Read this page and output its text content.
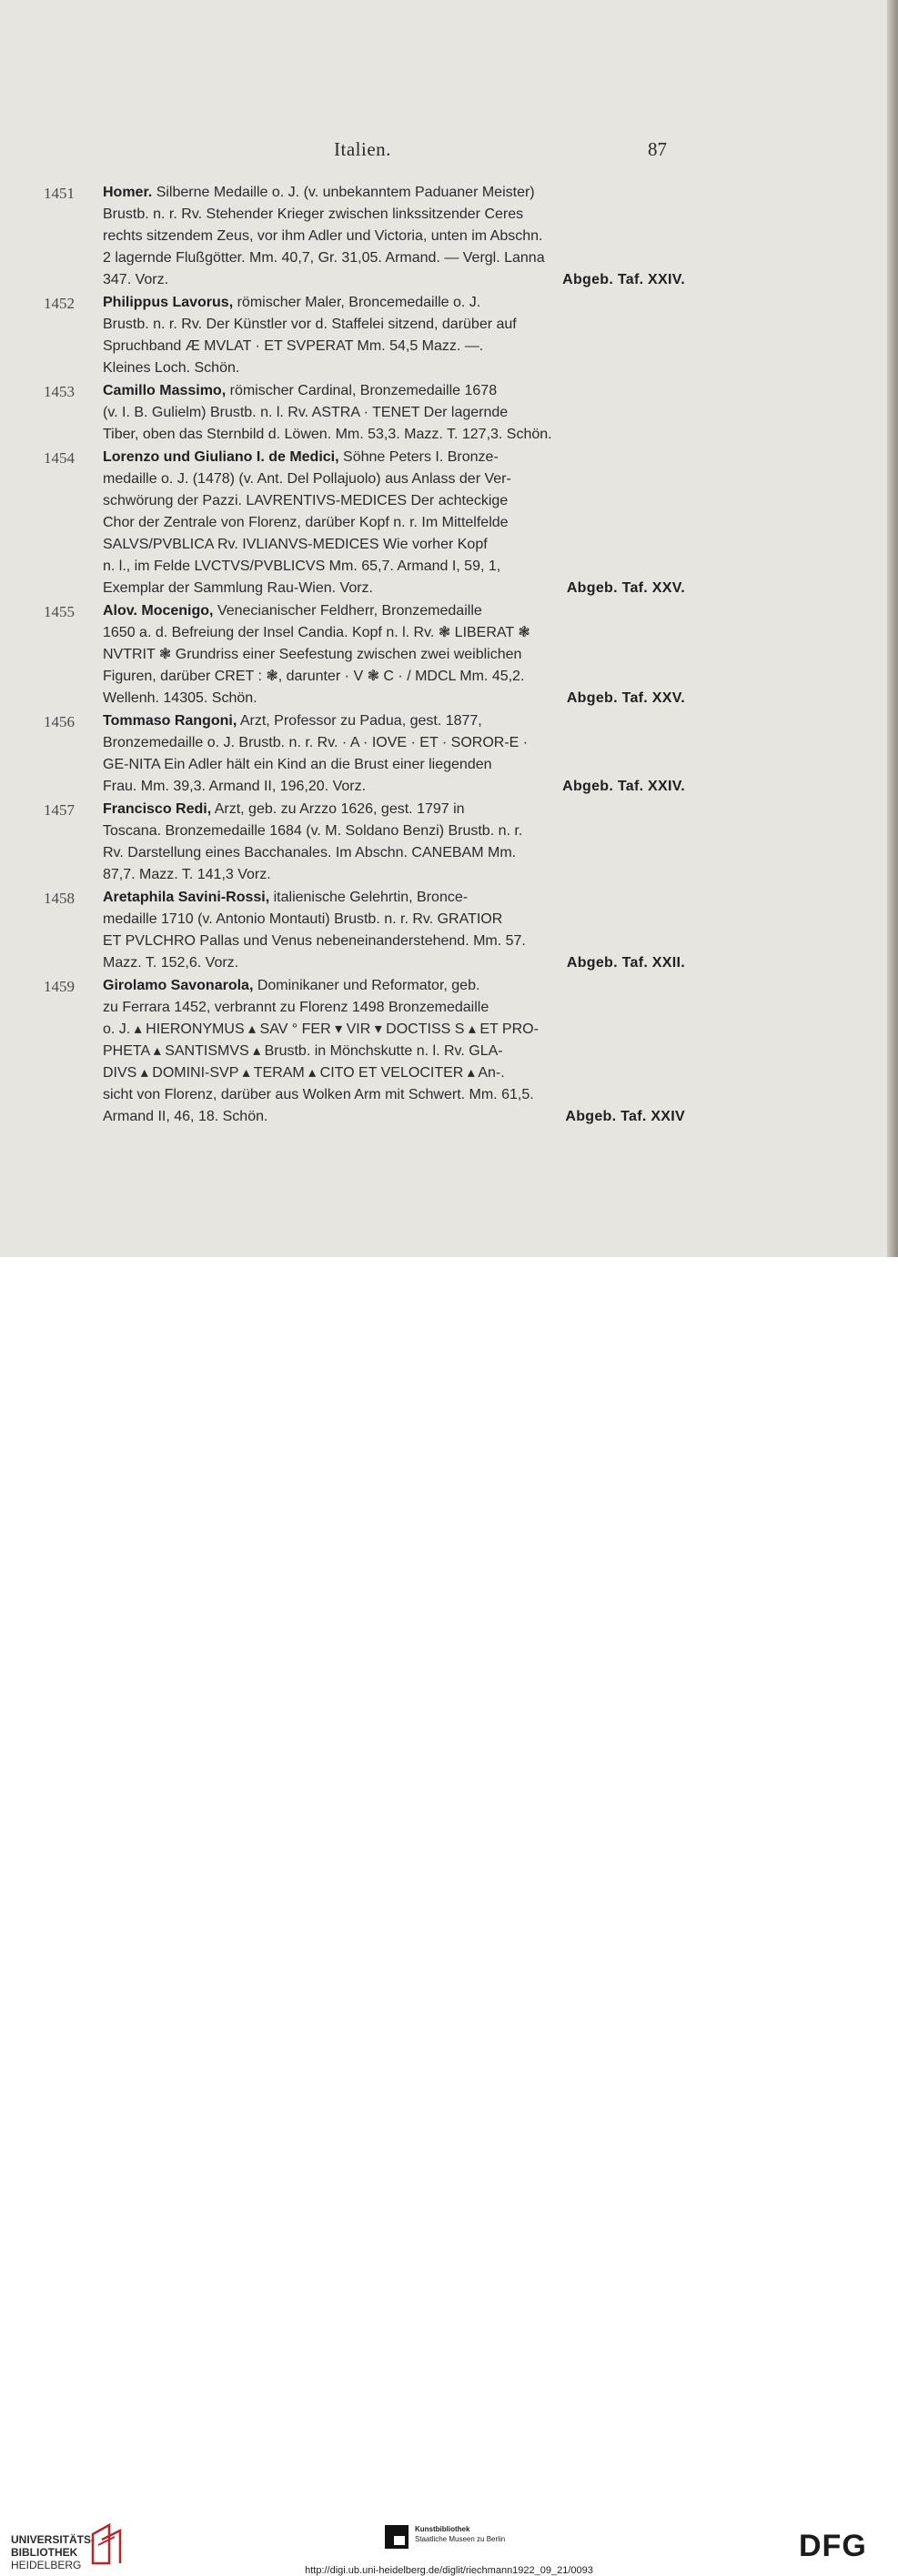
Italien.	87
1451 Homer. Silberne Medaille o. J. (v. unbekanntem Paduaner Meister)
Brustb. n. r. Rv. Stehender Krieger zwischen linkssitzender Ceres
rechts sitzendem Zeus, vor ihm Adler und Victoria, unten im Abschn.
2 lagernde Flußgötter. Mm. 40,7, Gr. 31,05. Armand. — Vergl. Lanna
347. Vorz.	Abgeb. Taf. XXIV.
1452 Philippus Lavorus, römischer Maler, Broncemedaille o. J.
Brustb. n. r. Rv. Der Künstler vor d. Staffelei sitzend, darüber auf
Spruchband Æ MVLAT · ET SVPERAT Mm. 54,5 Mazz. —.
Kleines Loch. Schön.
1453 Camillo Massimo, römischer Cardinal, Bronzemedaille 1678
(v. I. B. Gulielm) Brustb. n. l. Rv. ASTRA · TENET Der lagernde
Tiber, oben das Sternbild d. Löwen. Mm. 53,3. Mazz. T. 127,3. Schön.
1454 Lorenzo und Giuliano I. de Medici, Söhne Peters I. Bronze-
medaille o. J. (1478) (v. Ant. Del Pollajuolo) aus Anlass der Ver-
schwörung der Pazzi. LAVRENTIVS-MEDICES Der achteckige
Chor der Zentrale von Florenz, darüber Kopf n. r. Im Mittelfelde
SALVS/PVBLICA Rv. IVLIANVS-MEDICES Wie vorher Kopf
n. l., im Felde LVCTVS/PVBLICVS Mm. 65,7. Armand I, 59, 1,
Exemplar der Sammlung Rau-Wien. Vorz.	Abgeb. Taf. XXV.
1455 Alov. Mocenigo, Venecianischer Feldherr, Bronzemedaille
1650 a. d. Befreiung der Insel Candia. Kopf n. l. Rv. ❃ LIBERAT ❃
NVTRIT ❃ Grundriss einer Seefestung zwischen zwei weiblichen
Figuren, darüber CRET : ❃, darunter · V ❃ C · / MDCL Mm. 45,2.
Wellenh. 14305. Schön.	Abgeb. Taf. XXV.
1456 Tommaso Rangoni, Arzt, Professor zu Padua, gest. 1877,
Bronzemedaille o. J. Brustb. n. r. Rv. · A · IOVE · ET · SOROR-E ·
GE-NITA Ein Adler hält ein Kind an die Brust einer liegenden
Frau. Mm. 39,3. Armand II, 196,20. Vorz.	Abgeb. Taf. XXIV.
1457 Francisco Redi, Arzt, geb. zu Arzzo 1626, gest. 1797 in
Toscana. Bronzemedaille 1684 (v. M. Soldano Benzi) Brustb. n. r.
Rv. Darstellung eines Bacchanales. Im Abschn. CANEBAM Mm.
87,7. Mazz. T. 141,3 Vorz.
1458 Aretaphila Savini-Rossi, italienische Gelehrtin, Bronce-
medaille 1710 (v. Antonio Montauti) Brustb. n. r. Rv. GRATIOR
ET PVLCHRO Pallas und Venus nebeneinanderstehend. Mm. 57.
Mazz. T. 152,6. Vorz.	Abgeb. Taf. XXII.
1459 Girolamo Savonarola, Dominikaner und Reformator, geb.
zu Ferrara 1452, verbrannt zu Florenz 1498 Bronzemedaille
o. J. ▴ HIERONYMUS ▴ SAV ° FER ▾ VIR ▾ DOCTISS S ▴ ET PRO-
PHETA ▴ SANTISMVS ▴ Brustb. in Mönchskutte n. l. Rv. GLA-
DIVS ▴ DOMINI-SVP ▴ TERAM ▴ CITO ET VELOCITER ▴ An-.
sicht von Florenz, darüber aus Wolken Arm mit Schwert. Mm. 61,5.
Armand II, 46, 18. Schön.	Abgeb. Taf. XXIV
UNIVERSITÄTS-
BIBLIOTHEK
HEIDELBERG
Kunstbibliothek
Staatliche Museen zu Berlin	DFG
http://digi.ub.uni-heidelberg.de/diglit/riechmann1922_09_21/0093
